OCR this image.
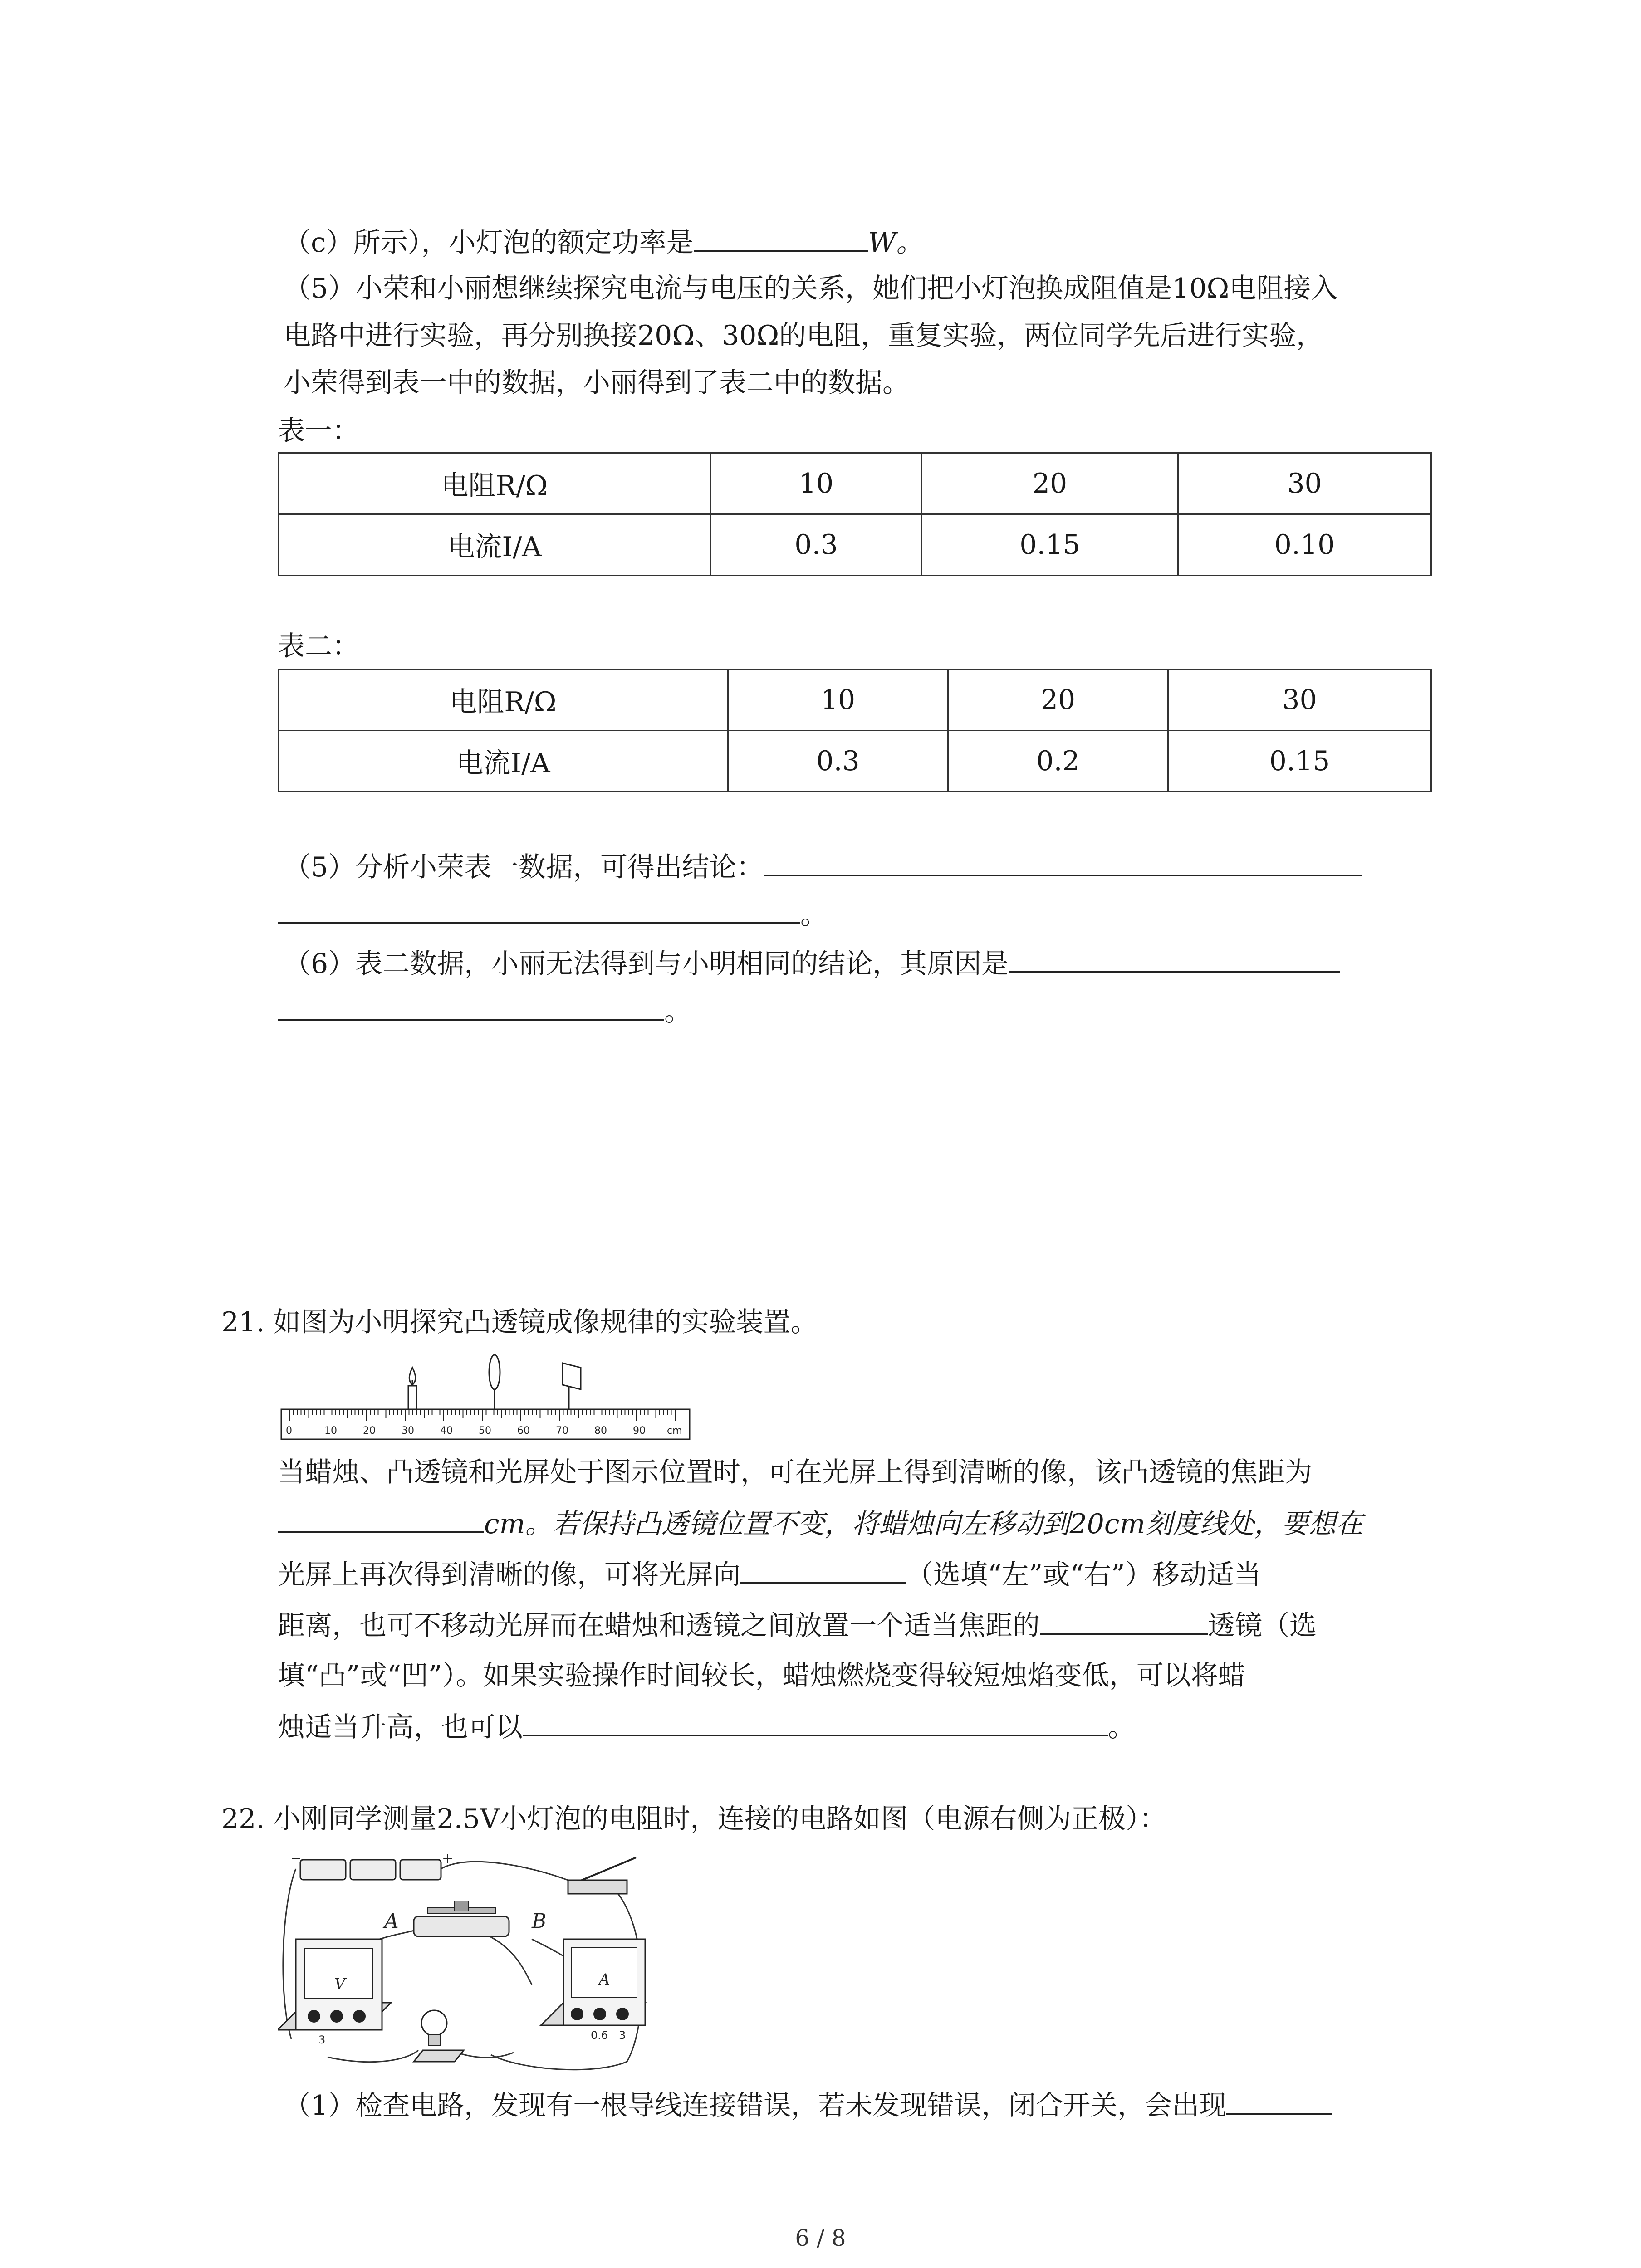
（c）所示），小灯泡的额定功率是	W。
（5）小荣和小丽想继续探究电流与电压的关系，她们把小灯泡换成阻值是10Ω电阻接入
电路中进行实验，再分别换接20Ω、30Ω的电阻，重复实验，两位同学先后进行实验，
小荣得到表一中的数据，小丽得到了表二中的数据。
表一：
电阻R/Ω	10	20	30
电流I/A	0.3	0.15	0.10
表二：
电阻R/Ω	10	20	30
电流I/A	0.3	0.2	0.15
（5）分析小荣表一数据，可得出结论：
。
（6）表二数据，小丽无法得到与小明相同的结论，其原因是
。
21. 如图为小明探究凸透镜成像规律的实验装置。
0	10	20	30	40	50	60	70	80	90 cm
当蜡烛、凸透镜和光屏处于图示位置时，可在光屏上得到清晰的像，该凸透镜的焦距为
cm。若保持凸透镜位置不变，将蜡烛向左移动到20cm刻度线处，要想在
光屏上再次得到清晰的像，可将光屏向	（选填“左”或“右”）移动适当
距离，也可不移动光屏而在蜡烛和透镜之间放置一个适当焦距的	透镜（选
填“凸”或“凹”）。如果实验操作时间较长，蜡烛燃烧变得较短烛焰变低，可以将蜡
烛适当升高，也可以	。
22. 小刚同学测量2.5V小灯泡的电阻时，连接的电路如图（电源右侧为正极）：
−	+
A	B
V
3
A
0.6 3
（1）检查电路，发现有一根导线连接错误，若未发现错误，闭合开关，会出现
6 / 8
